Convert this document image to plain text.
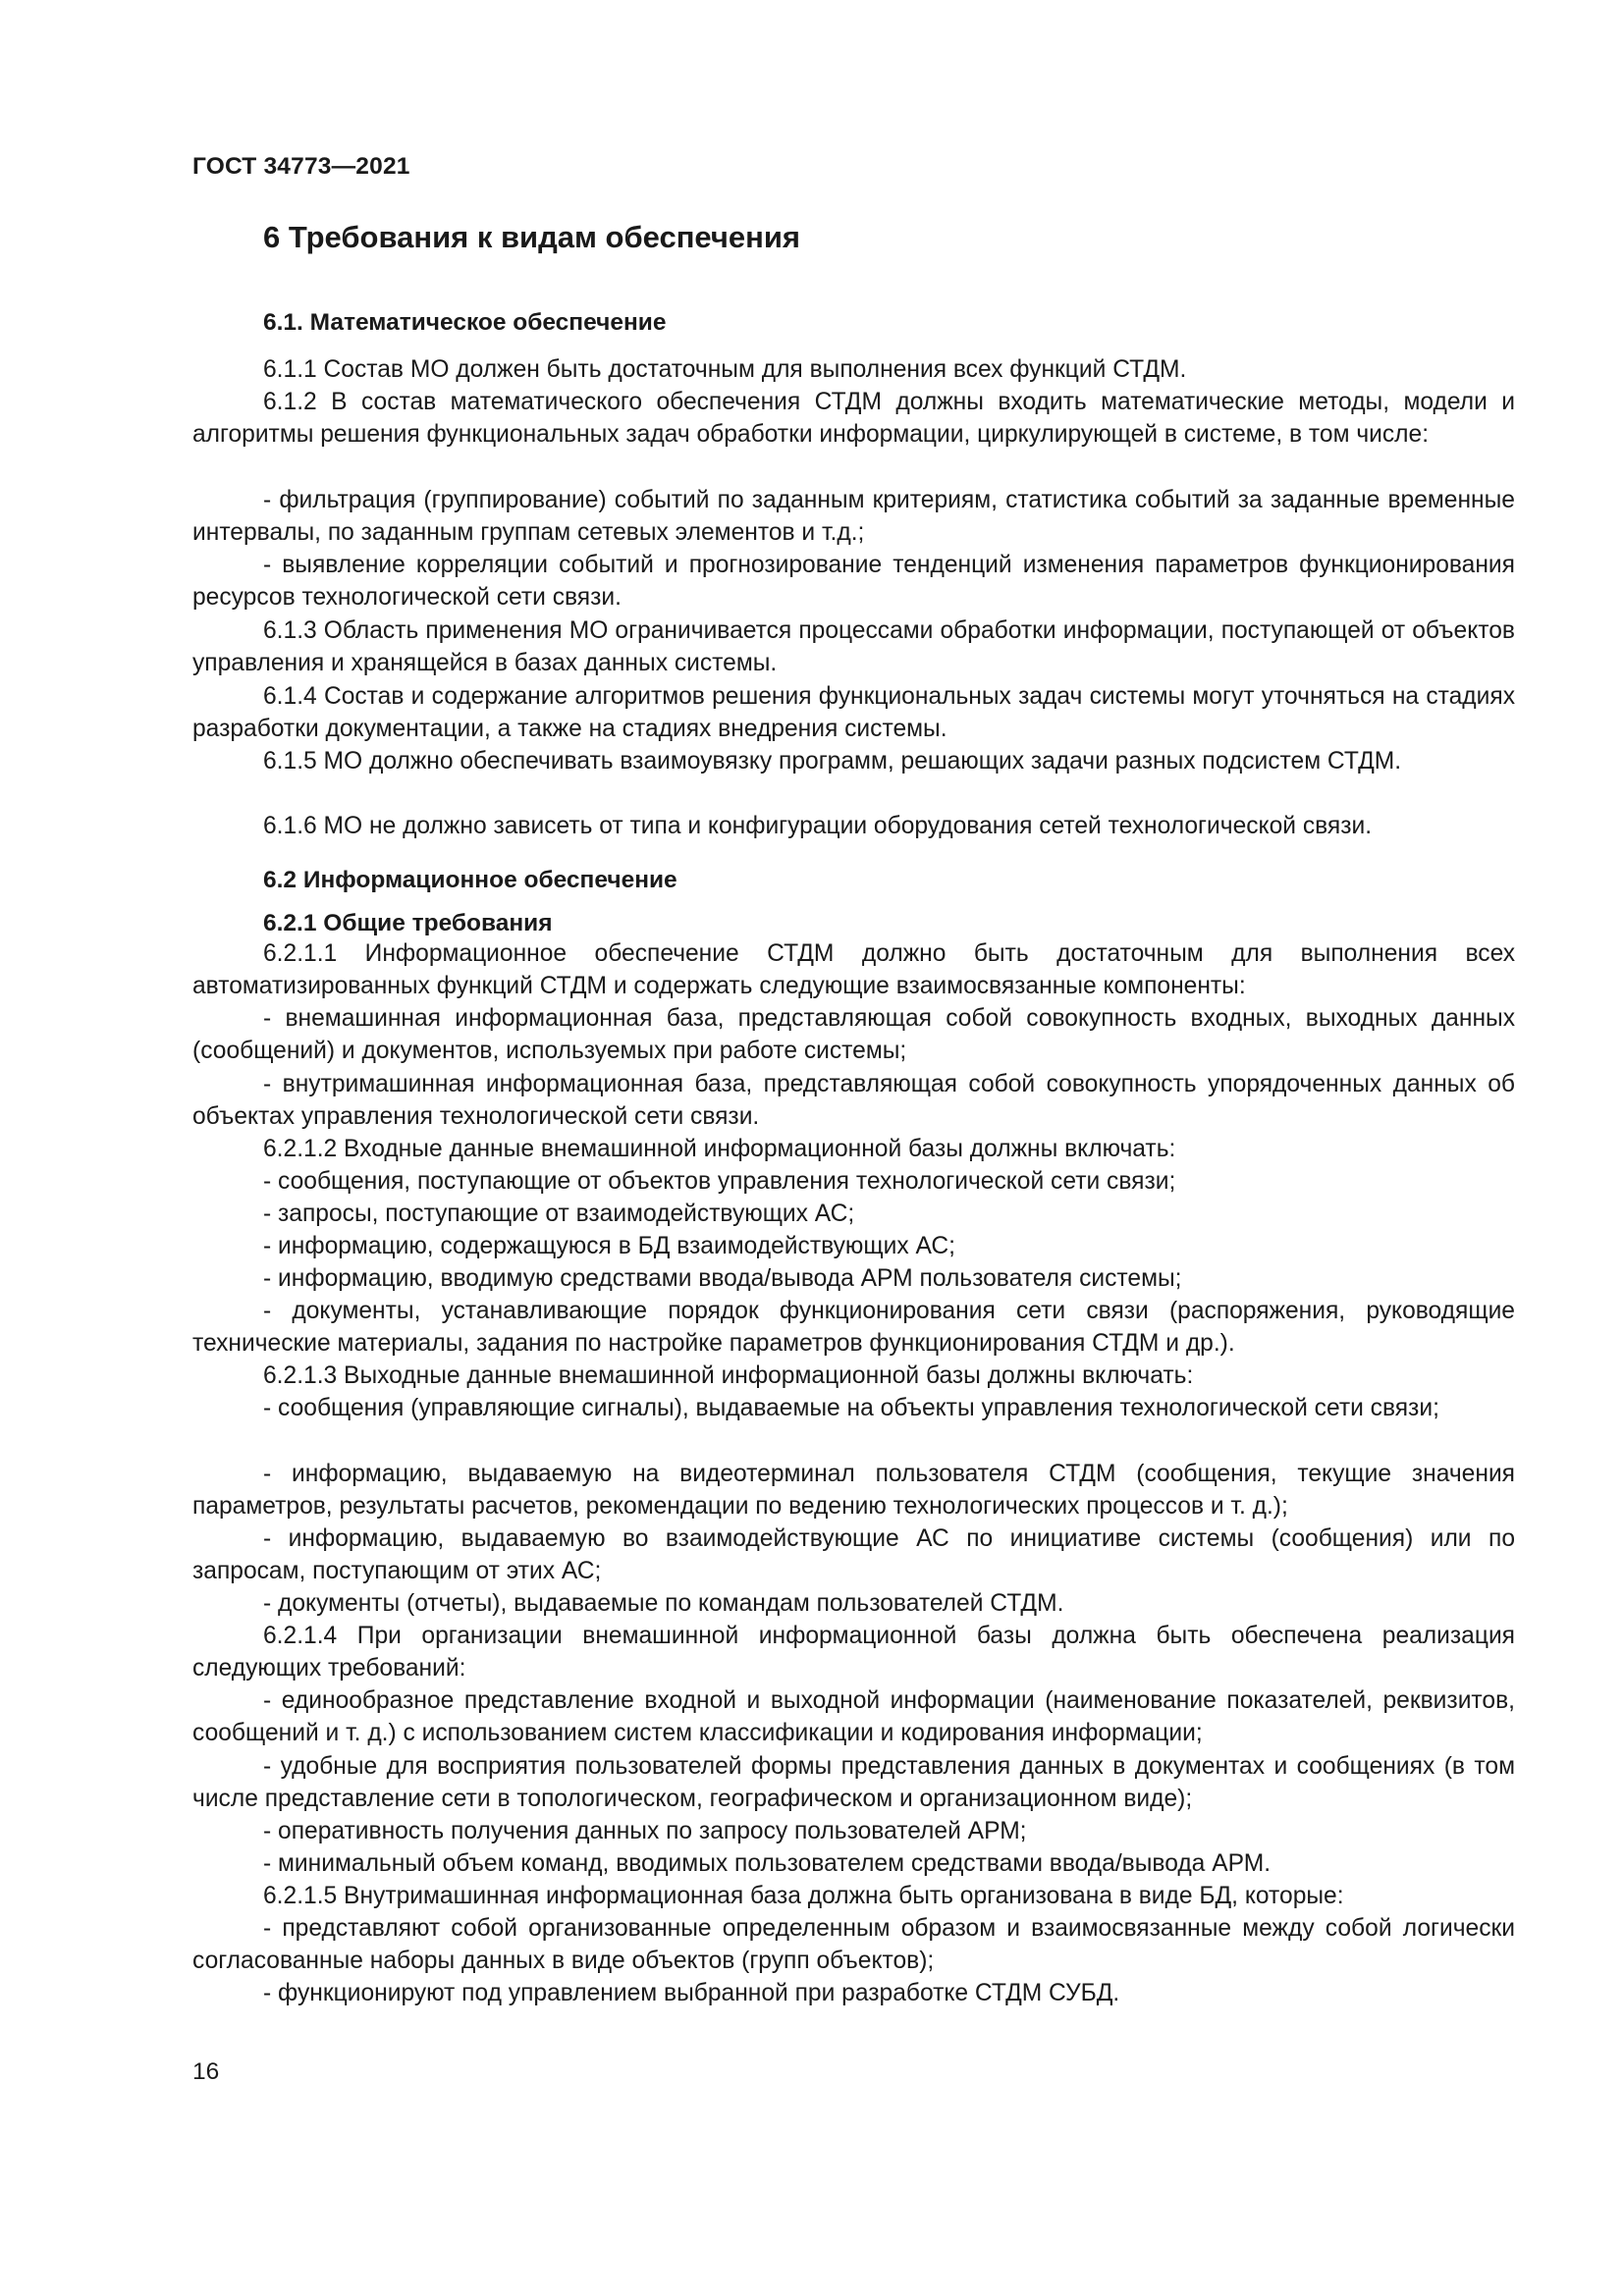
ГОСТ 34773—2021
6 Требования к видам обеспечения
6.1. Математическое обеспечение

6.1.1 Состав МО должен быть достаточным для выполнения всех функций СТДМ.

6.1.2 В состав математического обеспечения СТДМ должны входить математические методы, модели и алгоритмы решения функциональных задач обработки информации, циркулирующей в системе, в том числе:

- фильтрация (группирование) событий по заданным критериям, статистика событий за заданные временные интервалы, по заданным группам сетевых элементов и т.д.;

- выявление корреляции событий и прогнозирование тенденций изменения параметров функционирования ресурсов технологической сети связи.

6.1.3 Область применения МО ограничивается процессами обработки информации, поступающей от объектов управления и хранящейся в базах данных системы.

6.1.4 Состав и содержание алгоритмов решения функциональных задач системы могут уточняться на стадиях разработки документации, а также на стадиях внедрения системы.

6.1.5 МО должно обеспечивать взаимоувязку программ, решающих задачи разных подсистем СТДМ.

6.1.6 МО не должно зависеть от типа и конфигурации оборудования сетей технологической связи.

6.2 Информационное обеспечение
6.2.1 Общие требования

6.2.1.1 Информационное обеспечение СТДМ должно быть достаточным для выполнения всех автоматизированных функций СТДМ и содержать следующие взаимосвязанные компоненты:

- внемашинная информационная база, представляющая собой совокупность входных, выходных данных (сообщений) и документов, используемых при работе системы;

- внутримашинная информационная база, представляющая собой совокупность упорядоченных данных об объектах управления технологической сети связи.

6.2.1.2 Входные данные внемашинной информационной базы должны включать:

- сообщения, поступающие от объектов управления технологической сети связи;

- запросы, поступающие от взаимодействующих АС;

- информацию, содержащуюся в БД взаимодействующих АС;

- информацию, вводимую средствами ввода/вывода АРМ пользователя системы;

- документы, устанавливающие порядок функционирования сети связи (распоряжения, руководящие технические материалы, задания по настройке параметров функционирования СТДМ и др.).

6.2.1.3 Выходные данные внемашинной информационной базы должны включать:

- сообщения (управляющие сигналы), выдаваемые на объекты управления технологической сети связи;

- информацию, выдаваемую на видеотерминал пользователя СТДМ (сообщения, текущие значения параметров, результаты расчетов, рекомендации по ведению технологических процессов и т. д.);

- информацию, выдаваемую во взаимодействующие АС по инициативе системы (сообщения) или по запросам, поступающим от этих АС;

- документы (отчеты), выдаваемые по командам пользователей СТДМ.

6.2.1.4 При организации внемашинной информационной базы должна быть обеспечена реализация следующих требований:

- единообразное представление входной и выходной информации (наименование показателей, реквизитов, сообщений и т. д.) с использованием систем классификации и кодирования информации;

- удобные для восприятия пользователей формы представления данных в документах и сообщениях (в том числе представление сети в топологическом, географическом и организационном виде);

- оперативность получения данных по запросу пользователей АРМ;

- минимальный объем команд, вводимых пользователем средствами ввода/вывода АРМ.

6.2.1.5 Внутримашинная информационная база должна быть организована в виде БД, которые:

- представляют собой организованные определенным образом и взаимосвязанные между собой логически согласованные наборы данных в виде объектов (групп объектов);

- функционируют под управлением выбранной при разработке СТДМ СУБД.

16
